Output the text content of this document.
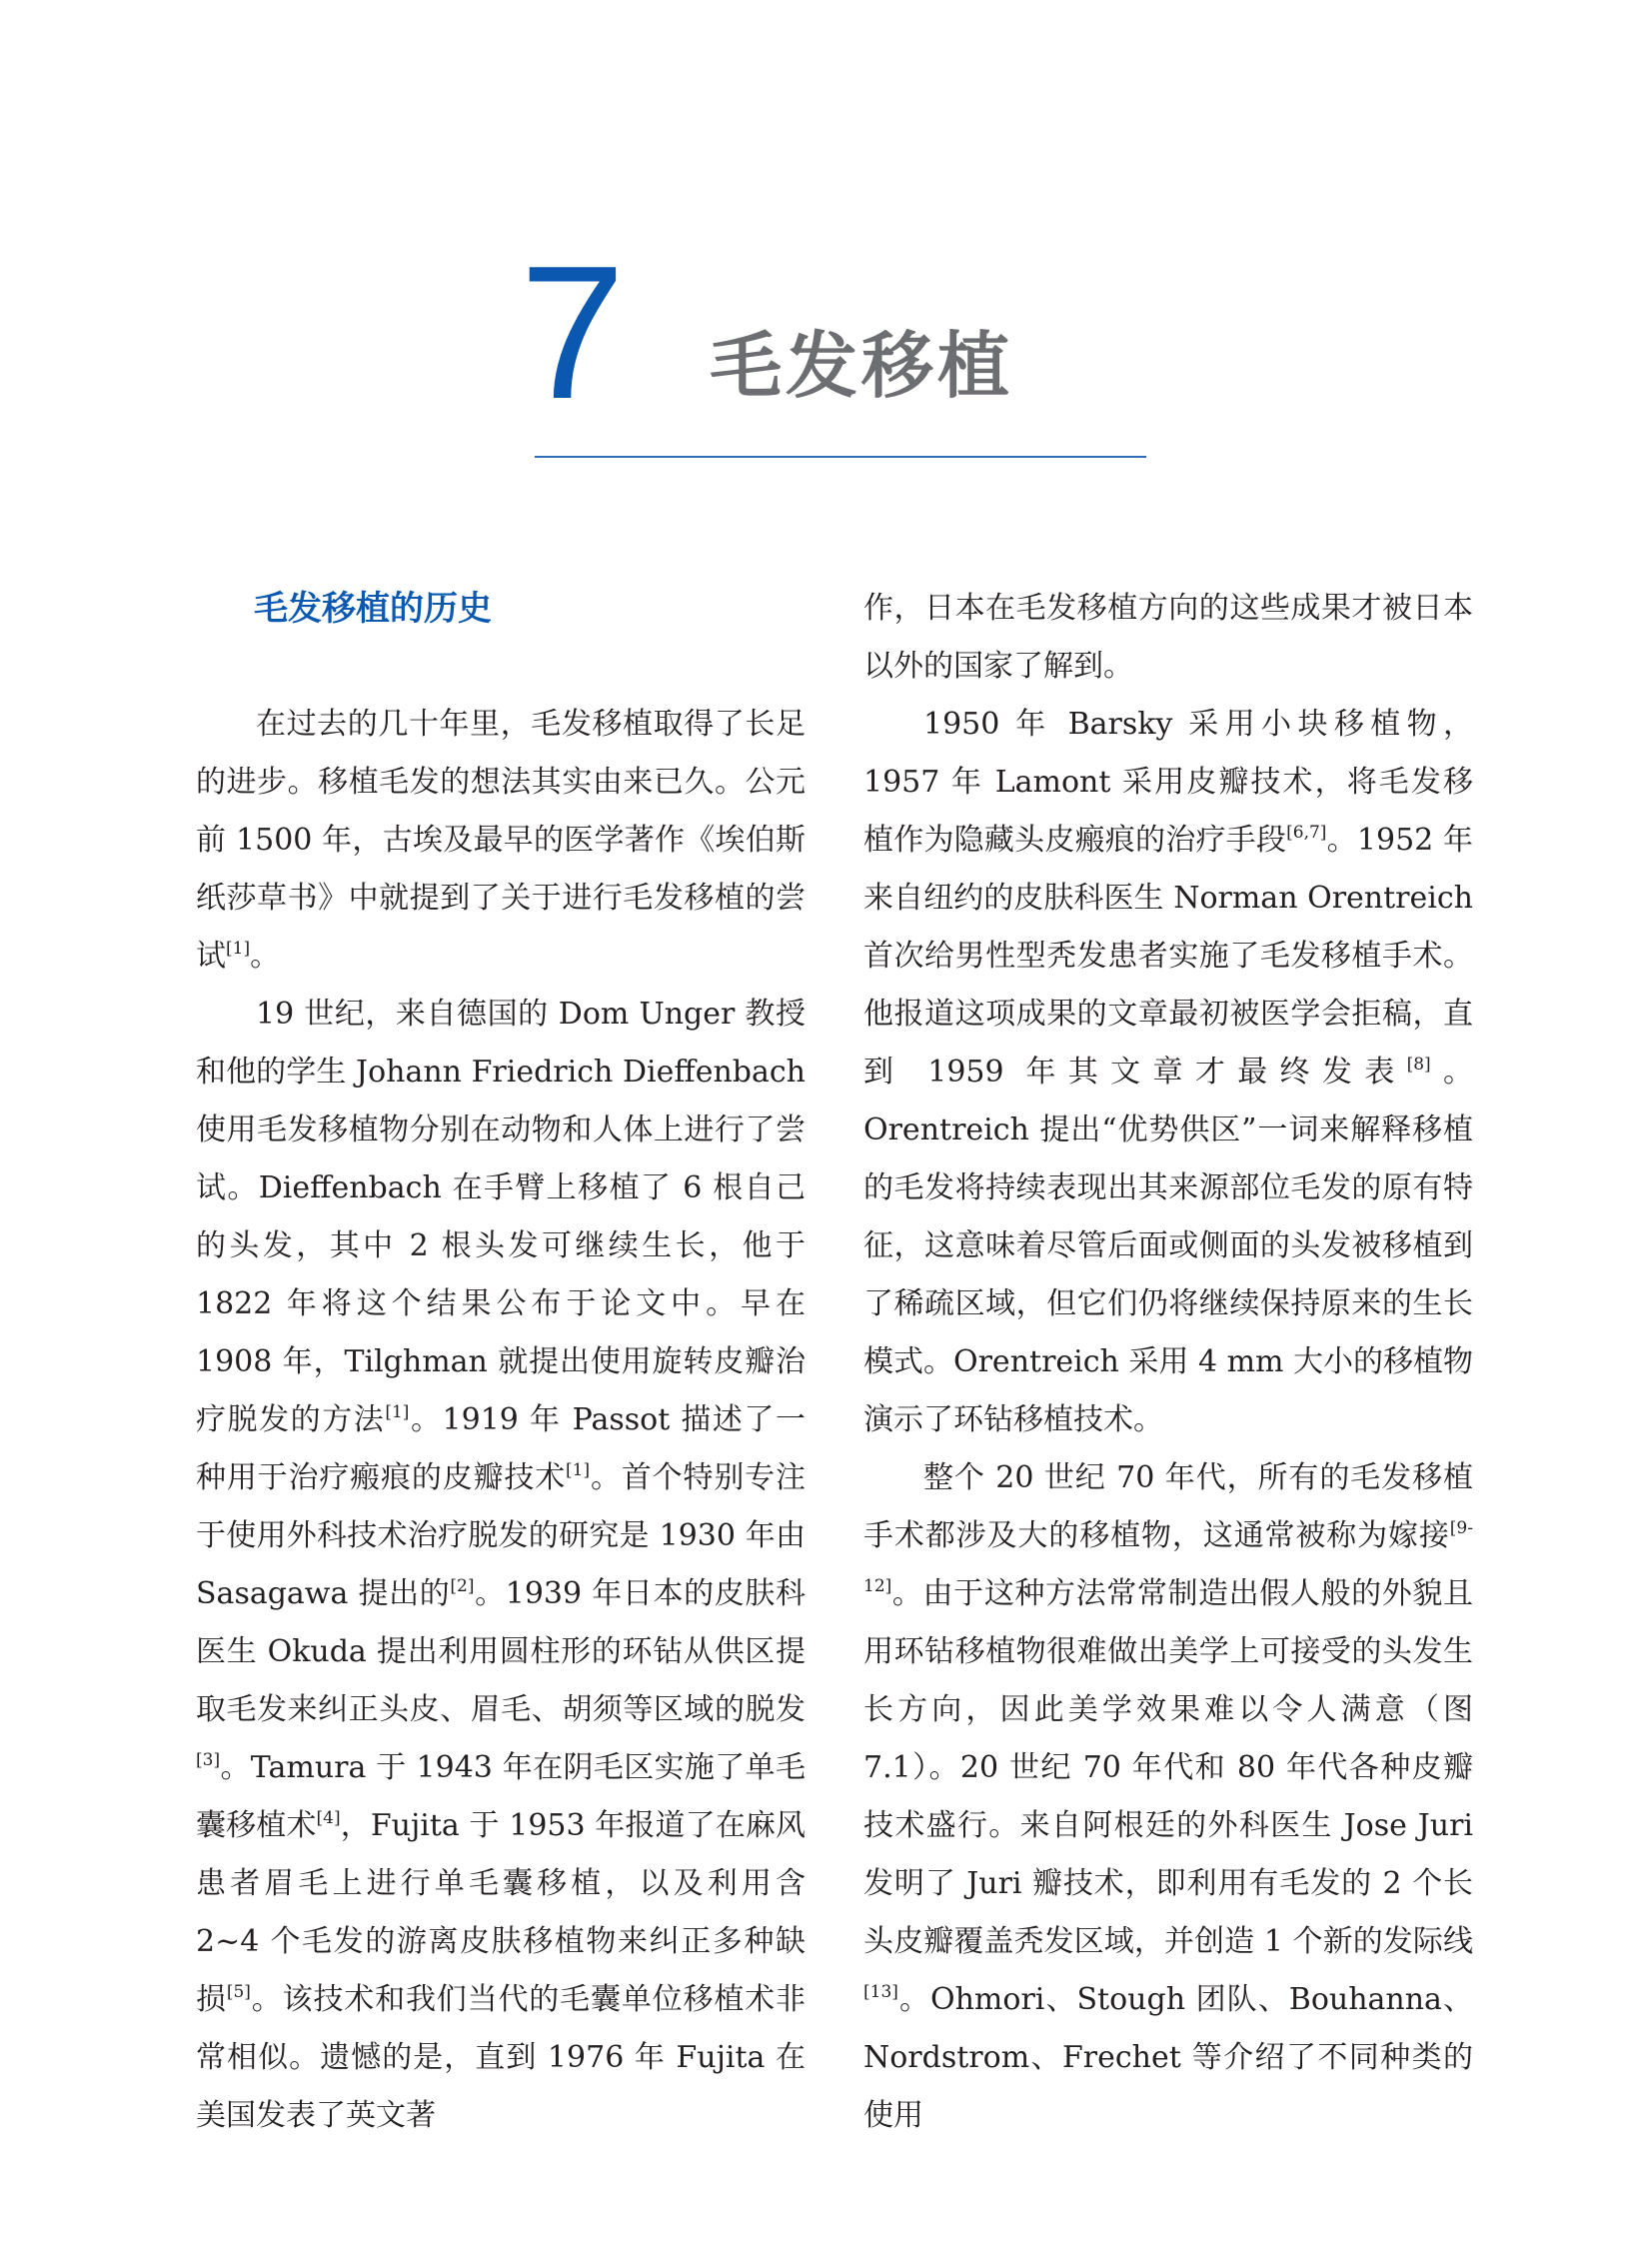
7 毛发移植
毛发移植的历史

在过去的几十年里，毛发移植取得了长足的进步。移植毛发的想法其实由来已久。公元前 1500 年，古埃及最早的医学著作《埃伯斯纸莎草书》中就提到了关于进行毛发移植的尝试[1]。

19 世纪，来自德国的 Dom Unger 教授和他的学生 Johann Friedrich Dieffenbach 使用毛发移植物分别在动物和人体上进行了尝试。Dieffenbach 在手臂上移植了 6 根自己的头发，其中 2 根头发可继续生长，他于 1822 年将这个结果公布于论文中。早在 1908 年，Tilghman 就提出使用旋转皮瓣治疗脱发的方法[1]。1919 年 Passot 描述了一种用于治疗瘢痕的皮瓣技术[1]。首个特别专注于使用外科技术治疗脱发的研究是 1930 年由 Sasagawa 提出的[2]。1939 年日本的皮肤科医生 Okuda 提出利用圆柱形的环钻从供区提取毛发来纠正头皮、眉毛、胡须等区域的脱发[3]。Tamura 于 1943 年在阴毛区实施了单毛囊移植术[4]，Fujita 于 1953 年报道了在麻风患者眉毛上进行单毛囊移植，以及利用含 2~4 个毛发的游离皮肤移植物来纠正多种缺损[5]。该技术和我们当代的毛囊单位移植术非常相似。遗憾的是，直到 1976 年 Fujita 在美国发表了英文著

作，日本在毛发移植方向的这些成果才被日本以外的国家了解到。

1950 年 Barsky 采用小块移植物，1957 年 Lamont 采用皮瓣技术，将毛发移植作为隐藏头皮瘢痕的治疗手段[6,7]。1952 年来自纽约的皮肤科医生 Norman Orentreich 首次给男性型秃发患者实施了毛发移植手术。他报道这项成果的文章最初被医学会拒稿，直到 1959 年其文章才最终发表[8]。Orentreich 提出“优势供区”一词来解释移植的毛发将持续表现出其来源部位毛发的原有特征，这意味着尽管后面或侧面的头发被移植到了稀疏区域，但它们仍将继续保持原来的生长模式。Orentreich 采用 4 mm 大小的移植物演示了环钻移植技术。

整个 20 世纪 70 年代，所有的毛发移植手术都涉及大的移植物，这通常被称为嫁接[9-12]。由于这种方法常常制造出假人般的外貌且用环钻移植物很难做出美学上可接受的头发生长方向，因此美学效果难以令人满意（图 7.1）。20 世纪 70 年代和 80 年代各种皮瓣技术盛行。来自阿根廷的外科医生 Jose Juri 发明了 Juri 瓣技术，即利用有毛发的 2 个长头皮瓣覆盖秃发区域，并创造 1 个新的发际线[13]。Ohmori、Stough 团队、Bouhanna、Nordstrom、Frechet 等介绍了不同种类的使用
